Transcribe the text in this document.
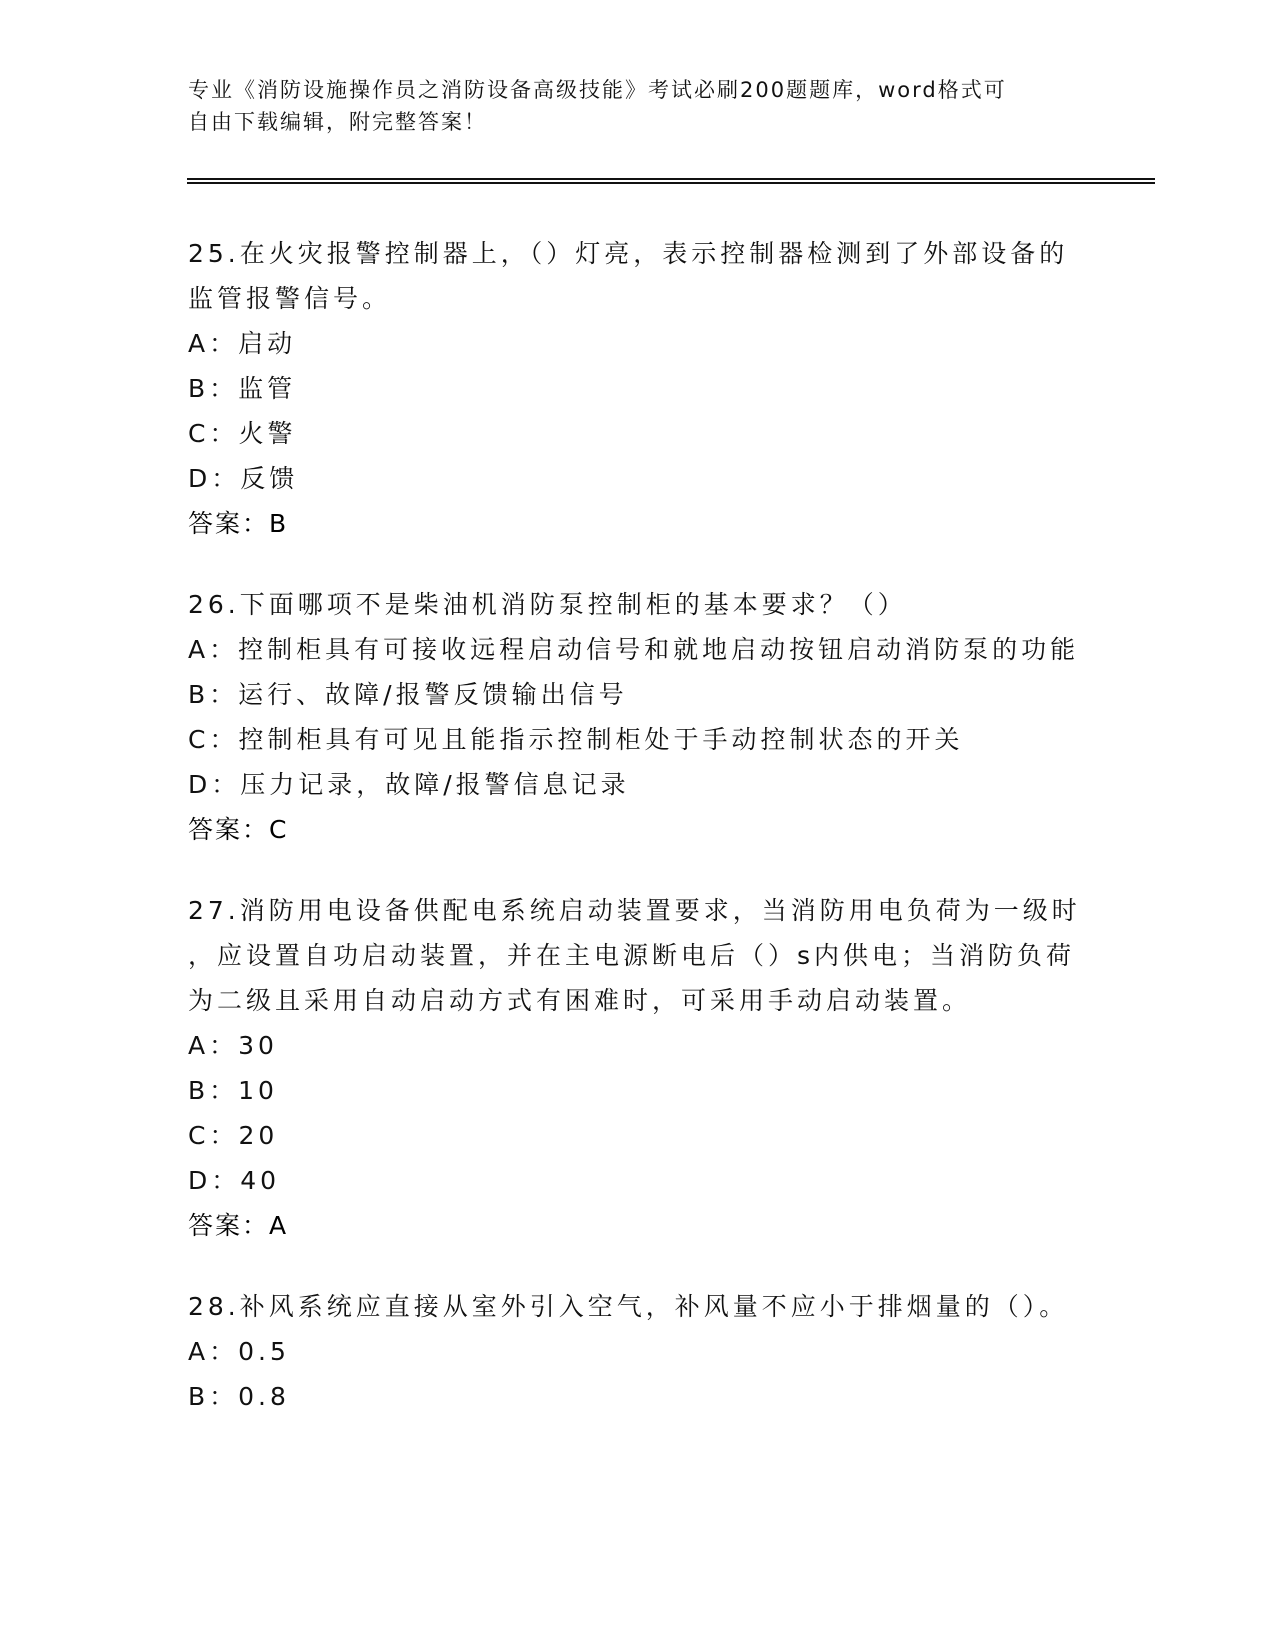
专业《消防设施操作员之消防设备高级技能》考试必刷200题题库，word格式可
自由下载编辑，附完整答案！

25.在火灾报警控制器上，（）灯亮，表示控制器检测到了外部设备的

监管报警信号。

A：启动

B：监管

C：火警

D：反馈

答案：B

26.下面哪项不是柴油机消防泵控制柜的基本要求？（）

A：控制柜具有可接收远程启动信号和就地启动按钮启动消防泵的功能

B：运行、故障/报警反馈输出信号

C：控制柜具有可见且能指示控制柜处于手动控制状态的开关

D：压力记录，故障/报警信息记录

答案：C

27.消防用电设备供配电系统启动装置要求，当消防用电负荷为一级时

，应设置自功启动装置，并在主电源断电后（）s内供电；当消防负荷

为二级且采用自动启动方式有困难时，可采用手动启动装置。

A：30

B：10

C：20

D：40

答案：A

28.补风系统应直接从室外引入空气，补风量不应小于排烟量的（）。

A：0.5

B：0.8
